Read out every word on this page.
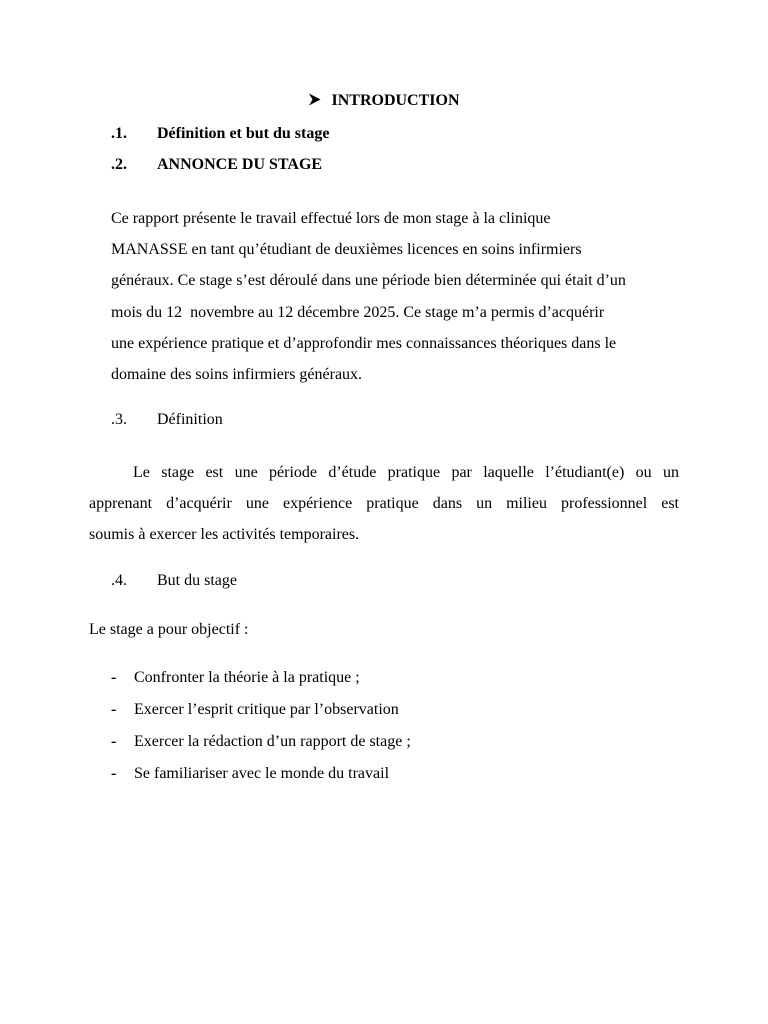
INTRODUCTION
.1. Définition et but du stage
.2. ANNONCE DU STAGE
Ce rapport présente le travail effectué lors de mon stage à la clinique
MANASSE en tant qu’étudiant de deuxièmes licences en soins infirmiers
généraux. Ce stage s’est déroulé dans une période bien déterminée qui était d’un
mois du 12  novembre au 12 décembre 2025. Ce stage m’a permis d’acquérir
une expérience pratique et d’approfondir mes connaissances théoriques dans le
domaine des soins infirmiers généraux.
.3. Définition
Le stage est une période d’étude pratique par laquelle l’étudiant(e) ou un
apprenant d’acquérir une expérience pratique dans un milieu professionnel est
soumis à exercer les activités temporaires.
.4. But du stage
Le stage a pour objectif :
- Confronter la théorie à la pratique ;
- Exercer l’esprit critique par l’observation
- Exercer la rédaction d’un rapport de stage ;
- Se familiariser avec le monde du travail
